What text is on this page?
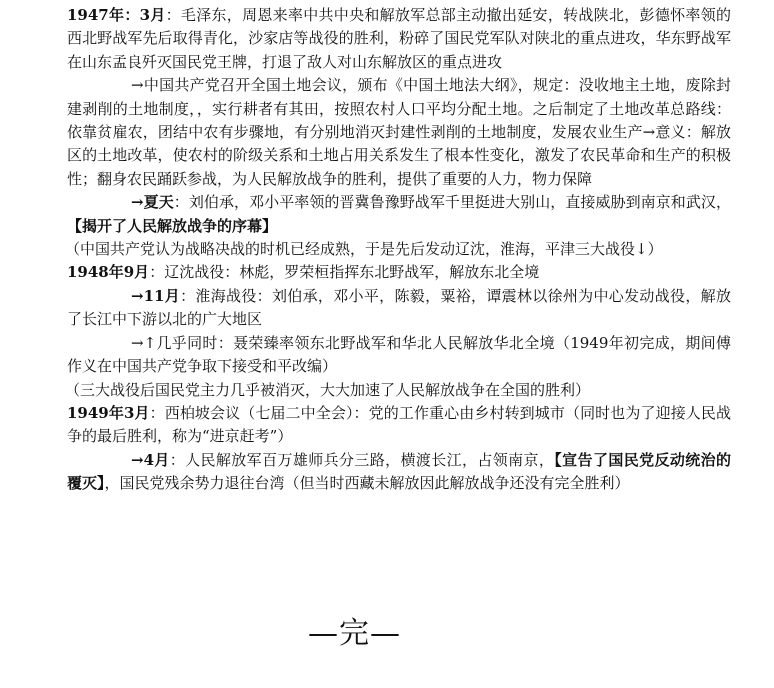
1947年：3月：毛泽东，周恩来率中共中央和解放军总部主动撤出延安，转战陕北，彭德怀率领的西北野战军先后取得青化，沙家店等战役的胜利，粉碎了国民党军队对陕北的重点进攻，华东野战军在山东孟良歼灭国民党王牌，打退了敌人对山东解放区的重点进攻

→中国共产党召开全国土地会议，颁布《中国土地法大纲》，规定：没收地主土地，废除封建剥削的土地制度，，实行耕者有其田，按照农村人口平均分配土地。之后制定了土地改革总路线：依靠贫雇农，团结中农有步骤地，有分别地消灭封建性剥削的土地制度，发展农业生产→意义：解放区的土地改革，使农村的阶级关系和土地占用关系发生了根本性变化，激发了农民革命和生产的积极性；翻身农民踊跃参战，为人民解放战争的胜利，提供了重要的人力，物力保障

→夏天：刘伯承，邓小平率领的晋冀鲁豫野战军千里挺进大别山，直接威胁到南京和武汉，【揭开了人民解放战争的序幕】

（中国共产党认为战略决战的时机已经成熟，于是先后发动辽沈，淮海，平津三大战役↓）

1948年9月：辽沈战役：林彪，罗荣桓指挥东北野战军，解放东北全境

→11月：淮海战役：刘伯承，邓小平，陈毅，粟裕，谭震林以徐州为中心发动战役，解放了长江中下游以北的广大地区

→↑几乎同时：聂荣臻率领东北野战军和华北人民解放华北全境（1949年初完成，期间傅作义在中国共产党争取下接受和平改编）

（三大战役后国民党主力几乎被消灭，大大加速了人民解放战争在全国的胜利）

1949年3月：西柏坡会议（七届二中全会）：党的工作重心由乡村转到城市（同时也为了迎接人民战争的最后胜利，称为“进京赶考”）

→4月：人民解放军百万雄师兵分三路，横渡长江，占领南京，【宣告了国民党反动统治的覆灭】，国民党残余势力退往台湾（但当时西藏未解放因此解放战争还没有完全胜利）

—完—
